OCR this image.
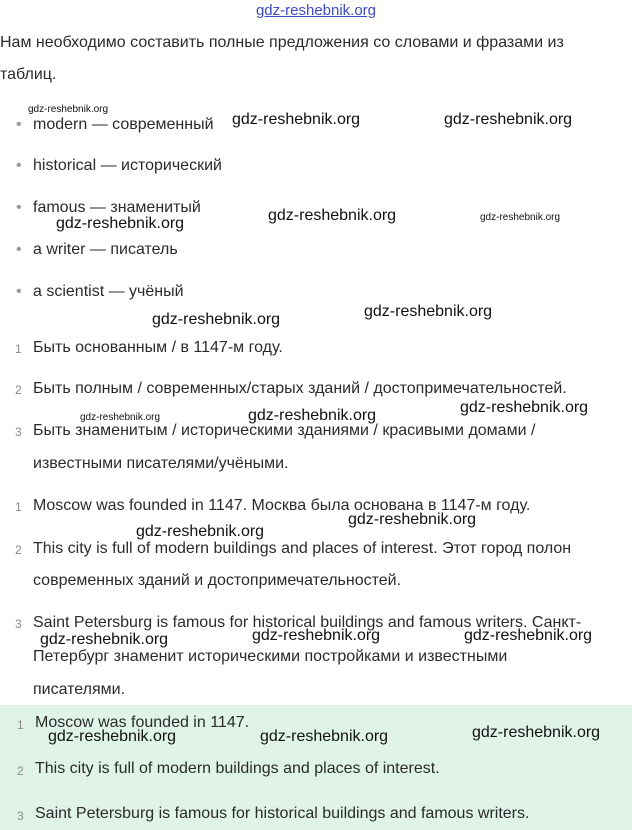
gdz-reshebnik.org
Нам необходимо составить полные предложения со словами и фразами из
таблиц.
• modern — современный
• historical — исторический
• famous — знаменитый
• a writer — писатель
• a scientist — учёный
1 Быть основанным / в 1147-м году.
2 Быть полным / современных/старых зданий / достопримечательностей.
3 Быть знаменитым / историческими зданиями / красивыми домами /
известными писателями/учёными.
1 Moscow was founded in 1147. Москва была основана в 1147-м году.
2 This city is full of modern buildings and places of interest. Этот город полон
современных зданий и достопримечательностей.
3 Saint Petersburg is famous for historical buildings and famous writers. Санкт-
Петербург знаменит историческими постройками и известными
писателями.
1 Moscow was founded in 1147.
2 This city is full of modern buildings and places of interest.
3 Saint Petersburg is famous for historical buildings and famous writers.
gdz-reshebnik.org
gdz-reshebnik.org	gdz-reshebnik.org
gdz-reshebnik.org	gdz-reshebnik.org	gdz-reshebnik.org
gdz-reshebnik.org	gdz-reshebnik.org
gdz-reshebnik.org	gdz-reshebnik.org	gdz-reshebnik.org
gdz-reshebnik.org
gdz-reshebnik.org
gdz-reshebnik.org	gdz-reshebnik.org	gdz-reshebnik.org
gdz-reshebnik.org	gdz-reshebnik.org	gdz-reshebnik.org
